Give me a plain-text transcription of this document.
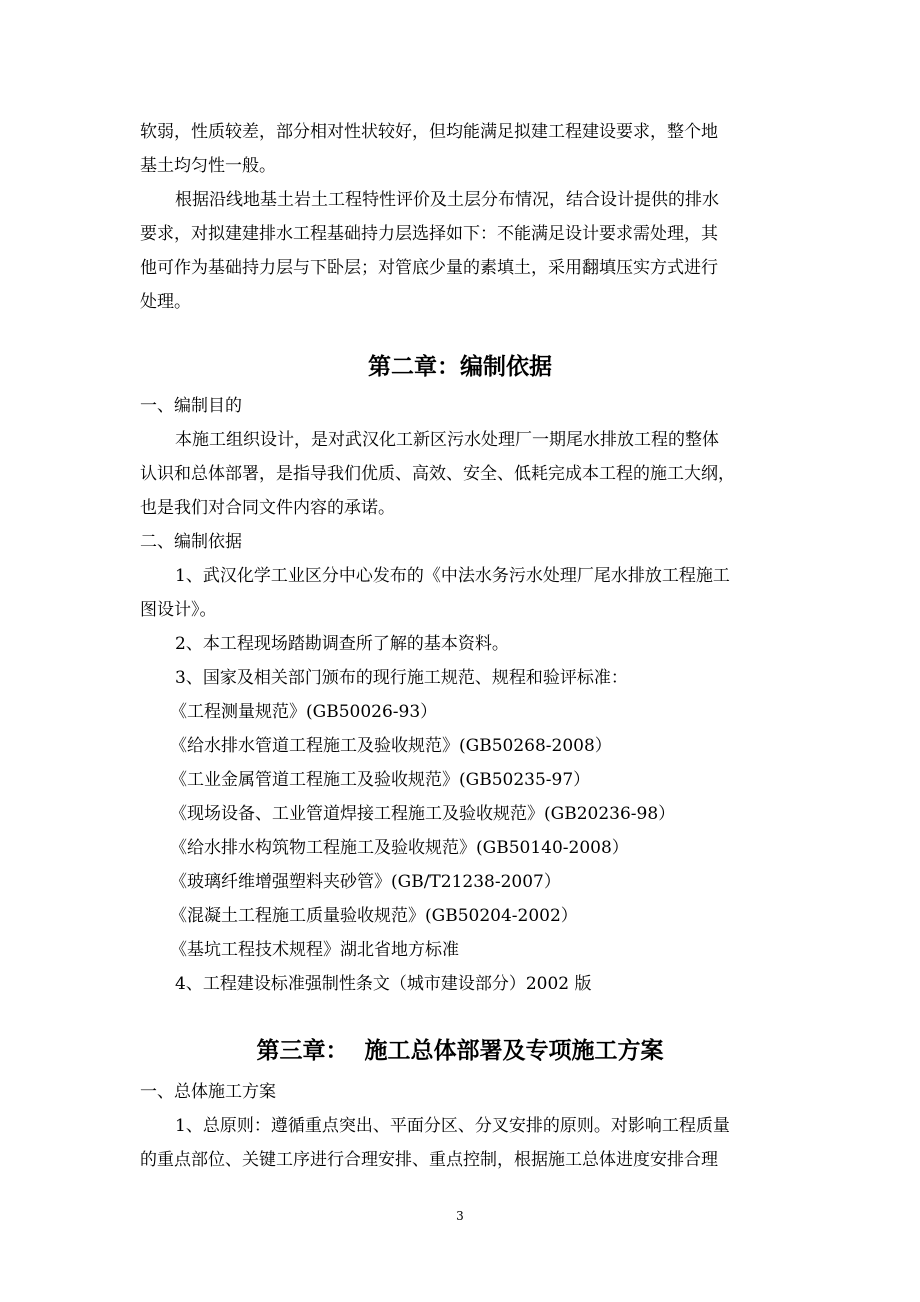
软弱，性质较差，部分相对性状较好，但均能满足拟建工程建设要求，整个地
基土均匀性一般。
根据沿线地基土岩土工程特性评价及土层分布情况，结合设计提供的排水
要求，对拟建建排水工程基础持力层选择如下：不能满足设计要求需处理，其
他可作为基础持力层与下卧层；对管底少量的素填土，采用翻填压实方式进行
处理。
第二章：编制依据
一、编制目的
本施工组织设计，是对武汉化工新区污水处理厂一期尾水排放工程的整体
认识和总体部署，是指导我们优质、高效、安全、低耗完成本工程的施工大纲，
也是我们对合同文件内容的承诺。
二、编制依据
1、武汉化学工业区分中心发布的《中法水务污水处理厂尾水排放工程施工
图设计》。
2、本工程现场踏勘调查所了解的基本资料。
3、国家及相关部门颁布的现行施工规范、规程和验评标准：
《工程测量规范》(GB50026-93）
《给水排水管道工程施工及验收规范》(GB50268-2008）
《工业金属管道工程施工及验收规范》(GB50235-97）
《现场设备、工业管道焊接工程施工及验收规范》(GB20236-98）
《给水排水构筑物工程施工及验收规范》(GB50140-2008）
《玻璃纤维增强塑料夹砂管》(GB/T21238-2007）
《混凝土工程施工质量验收规范》(GB50204-2002）
《基坑工程技术规程》湖北省地方标准
4、工程建设标准强制性条文（城市建设部分）2002 版
第三章：  施工总体部署及专项施工方案
一、总体施工方案
1、总原则：遵循重点突出、平面分区、分叉安排的原则。对影响工程质量
的重点部位、关键工序进行合理安排、重点控制，根据施工总体进度安排合理
3
